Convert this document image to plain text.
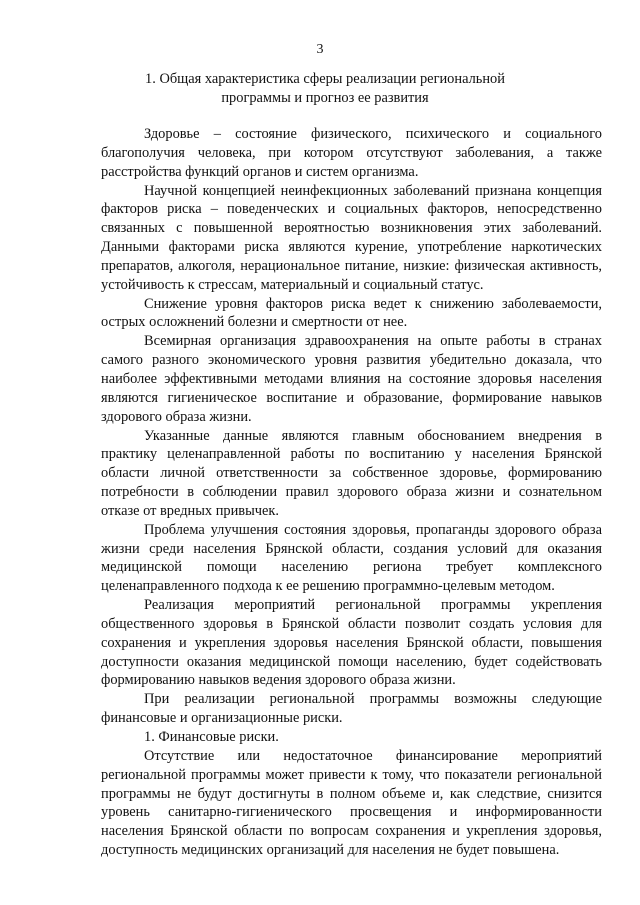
3
1. Общая характеристика сферы реализации региональной
программы и прогноз ее развития

Здоровье – состояние физического, психического и социального благополучия человека, при котором отсутствуют заболевания, а также расстройства функций органов и систем организма.

Научной концепцией неинфекционных заболеваний признана концепция факторов риска – поведенческих и социальных факторов, непосредственно связанных с повышенной вероятностью возникновения этих заболеваний. Данными факторами риска являются курение, употребление наркотических препаратов, алкоголя, нерациональное питание, низкие: физическая активность, устойчивость к стрессам, материальный и социальный статус.

Снижение уровня факторов риска ведет к снижению заболеваемости, острых осложнений болезни и смертности от нее.

Всемирная организация здравоохранения на опыте работы в странах самого разного экономического уровня развития убедительно доказала, что наиболее эффективными методами влияния на состояние здоровья населения являются гигиеническое воспитание и образование, формирование навыков здорового образа жизни.

Указанные данные являются главным обоснованием внедрения в практику целенаправленной работы по воспитанию у населения Брянской области личной ответственности за собственное здоровье, формированию потребности в соблюдении правил здорового образа жизни и сознательном отказе от вредных привычек.

Проблема улучшения состояния здоровья, пропаганды здорового образа жизни среди населения Брянской области, создания условий для оказания медицинской помощи населению региона требует комплексного целенаправленного подхода к ее решению программно-целевым методом.

Реализация мероприятий региональной программы укрепления общественного здоровья в Брянской области позволит создать условия для сохранения и укрепления здоровья населения Брянской области, повышения доступности оказания медицинской помощи населению, будет содействовать формированию навыков ведения здорового образа жизни.

При реализации региональной программы возможны следующие финансовые и организационные риски.

1. Финансовые риски.

Отсутствие или недостаточное финансирование мероприятий региональной программы может привести к тому, что показатели региональной программы не будут достигнуты в полном объеме и, как следствие, снизится уровень санитарно-гигиенического просвещения и информированности населения Брянской области по вопросам сохранения и укрепления здоровья, доступность медицинских организаций для населения не будет повышена.
